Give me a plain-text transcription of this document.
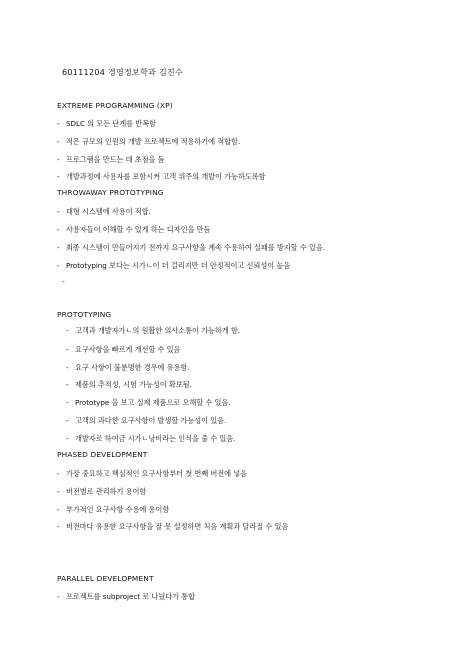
60111204 경영정보학과 김진수
EXTREME PROGRAMMING (XP)
- SDLC 의 모든 단계를 반복함
- 적은 규모의 인원의 개발 프로젝트에 적용하기에 적합함.
- 프로그램을 만드는 데 초점을 둠
- 개발과정에 사용자를 포함시켜 고객 위주의 개발이 가능하도록함
THROWAWAY PROTOTYPING
- 대형 시스템에 사용이 적합.
- 사용자들이 이해할 수 있게 하는 디자인을 만듬
- 최종 시스템이 만들어지기 전까지 요구사항을 계속 수용하여 실패를 방지할 수 있음.
- Prototyping 보다는 시가ㄴ이 더 걸리지만 더 안정적이고 신뢰성이 높음
-
PROTOTYPING
- 고객과 개발자가ㄴ의 원활한 의사소통이 가능하게 함.
- 요구사항을 빠르게 개선할 수 있음
- 요구 사항이 불분명한 경우에 유용함.
- 제품의 추적성, 시험 가능성이 확보됨.
- Prototype 을 보고 실제 제품으로 오해할 수 있음.
- 고객의 과다한 요구사항이 발생할 가능성이 있음.
- 개발자로 하여금 시가ㄴ낭비라는 인식을 줄 수 있음.
PHASED DEVELOPMENT
- 가장 중요하고 핵심적인 요구사항부터 첫 번째 버전에 넣음
- 버전별로 관리하기 용이함
- 부가적인 요구사항 수용에 용이함
- 버전마다 유용한 요구사항을 잘 못 설정하면 처음 계획과 달라질 수 있음
PARALLEL DEVELOPMENT
- 프로젝트를 subproject 로 나눴다가 통합
